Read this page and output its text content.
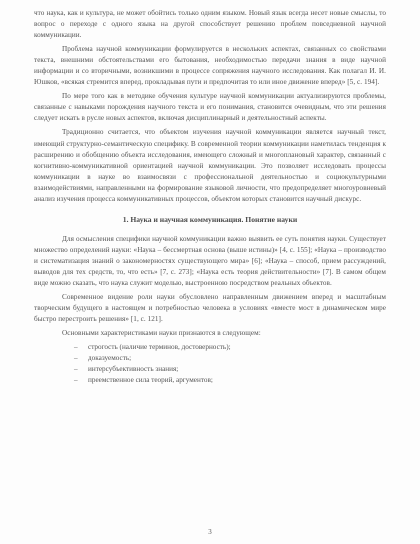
что наука, как и культура, не может обойтись только одним языком. Новый язык всегда несет новые смыслы, то вопрос о переходе с одного языка на другой способствует решению проблем повседневной научной коммуникации.

Проблема научной коммуникации формулируется в нескольких аспектах, связанных со свойствами текста, внешними обстоятельствами его бытования, необходимостью передачи знания в виде научной информации и со вторичными, возникшими в процессе сопряжения научного исследования. Как полагал И. И. Юшков, «всякая стремится вперед, прокладывая пути и предпочитая то или иное движение вперед» [5, с. 194].

По мере того как в методике обучения культуре научной коммуникации актуализируются проблемы, связанные с навыками порождения научного текста и его понимания, становится очевидным, что эти решения следует искать в русле новых аспектов, включая дисциплинарный и деятельностный аспекты.

Традиционно считается, что объектом изучения научной коммуникации является научный текст, имеющий структурно-семантическую специфику. В современной теории коммуникации наметилась тенденция к расширению и обобщению объекта исследования, имеющего сложный и многоплановый характер, связанный с когнитивно-коммуникативной ориентацией научной коммуникации. Это позволяет исследовать процессы коммуникации в науке во взаимосвязи с профессиональной деятельностью и социокультурными взаимодействиями, направленными на формирование языковой личности, что предопределяет многоуровневый анализ изучения процесса коммуникативных процессов, объектом которых становится научный дискурс.

1. Наука и научная коммуникация. Понятие науки

Для осмысления специфики научной коммуникации важно выявить ее суть понятия науки. Существует множество определений науки: «Наука – бессмертная основа (выше истины)» [4, с. 155]; «Наука – производство и систематизация знаний о закономерностях существующего мира» [6]; «Наука – способ, прием рассуждений, выводов для тех средств, то, что есть» [7, с. 273]; «Наука есть теория действительности» [7]. В самом общем виде можно сказать, что наука служит моделью, выстроенною посредством реальных объектов.

Современное видение роли науки обусловлено направленным движением вперед и масштабным творческим будущего в настоящем и потребностью человека в условиях «вместе мост в динамическом мире быстро перестроить решения» [1, с. 121].

Основными характеристиками науки признаются в следующем:

– строгость (наличие терминов, достоверность);
– доказуемость;
– интерсубъективность знания;
– преемственное сила теорий, аргументов;
3
